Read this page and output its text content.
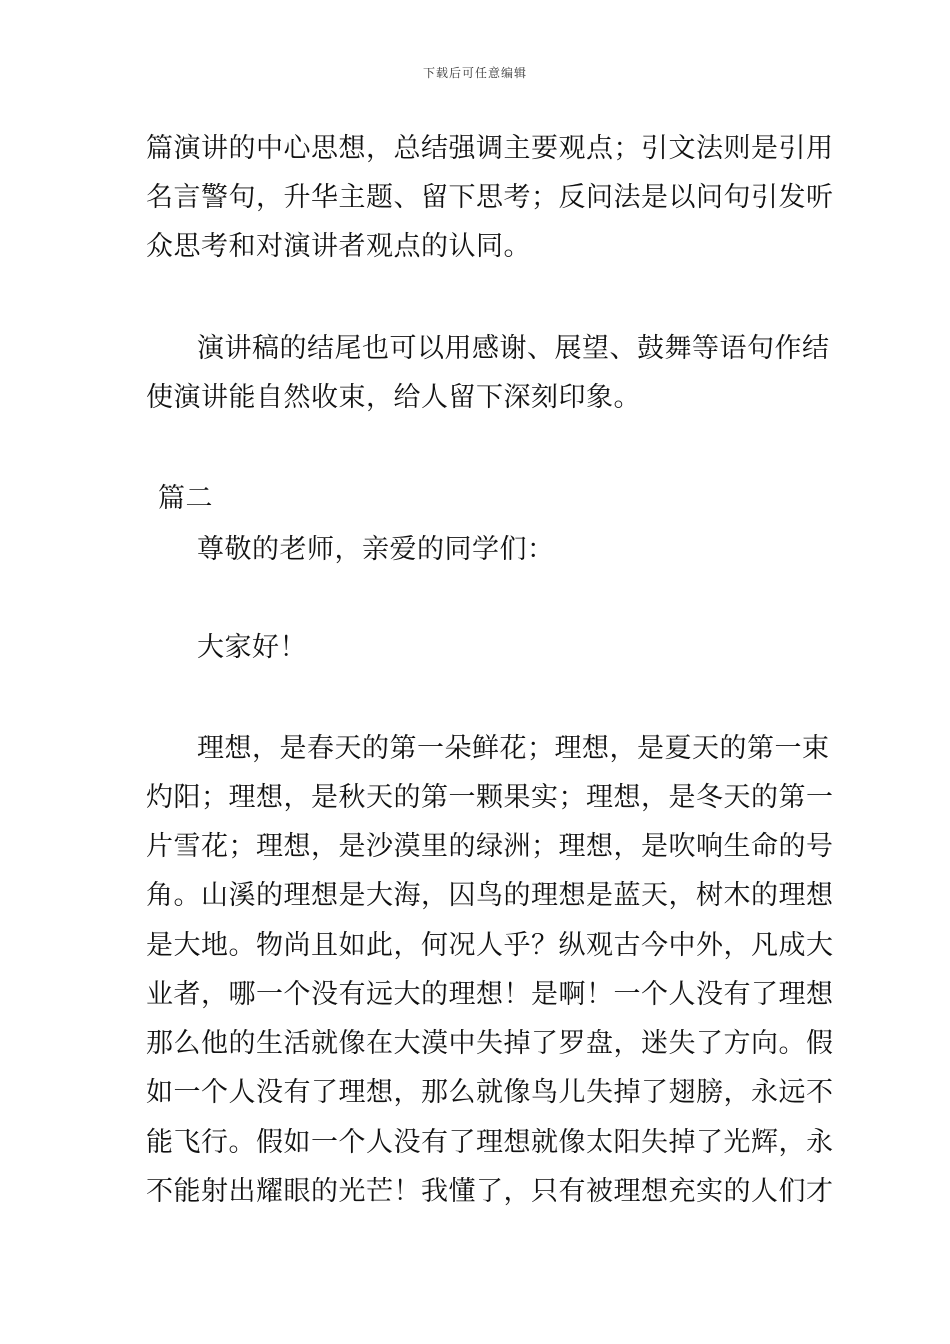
下载后可任意编辑
篇演讲的中心思想，总结强调主要观点；引文法则是引用
名言警句，升华主题、留下思考；反问法是以问句引发听
众思考和对演讲者观点的认同。
演讲稿的结尾也可以用感谢、展望、鼓舞等语句作结
使演讲能自然收束，给人留下深刻印象。
篇二
尊敬的老师，亲爱的同学们：
大家好！
理想，是春天的第一朵鲜花；理想，是夏天的第一束
灼阳；理想，是秋天的第一颗果实；理想，是冬天的第一
片雪花；理想，是沙漠里的绿洲；理想，是吹响生命的号
角。山溪的理想是大海，囚鸟的理想是蓝天，树木的理想
是大地。物尚且如此，何况人乎？纵观古今中外，凡成大
业者，哪一个没有远大的理想！是啊！一个人没有了理想
那么他的生活就像在大漠中失掉了罗盘，迷失了方向。假
如一个人没有了理想，那么就像鸟儿失掉了翅膀，永远不
能飞行。假如一个人没有了理想就像太阳失掉了光辉，永
不能射出耀眼的光芒！我懂了，只有被理想充实的人们才
